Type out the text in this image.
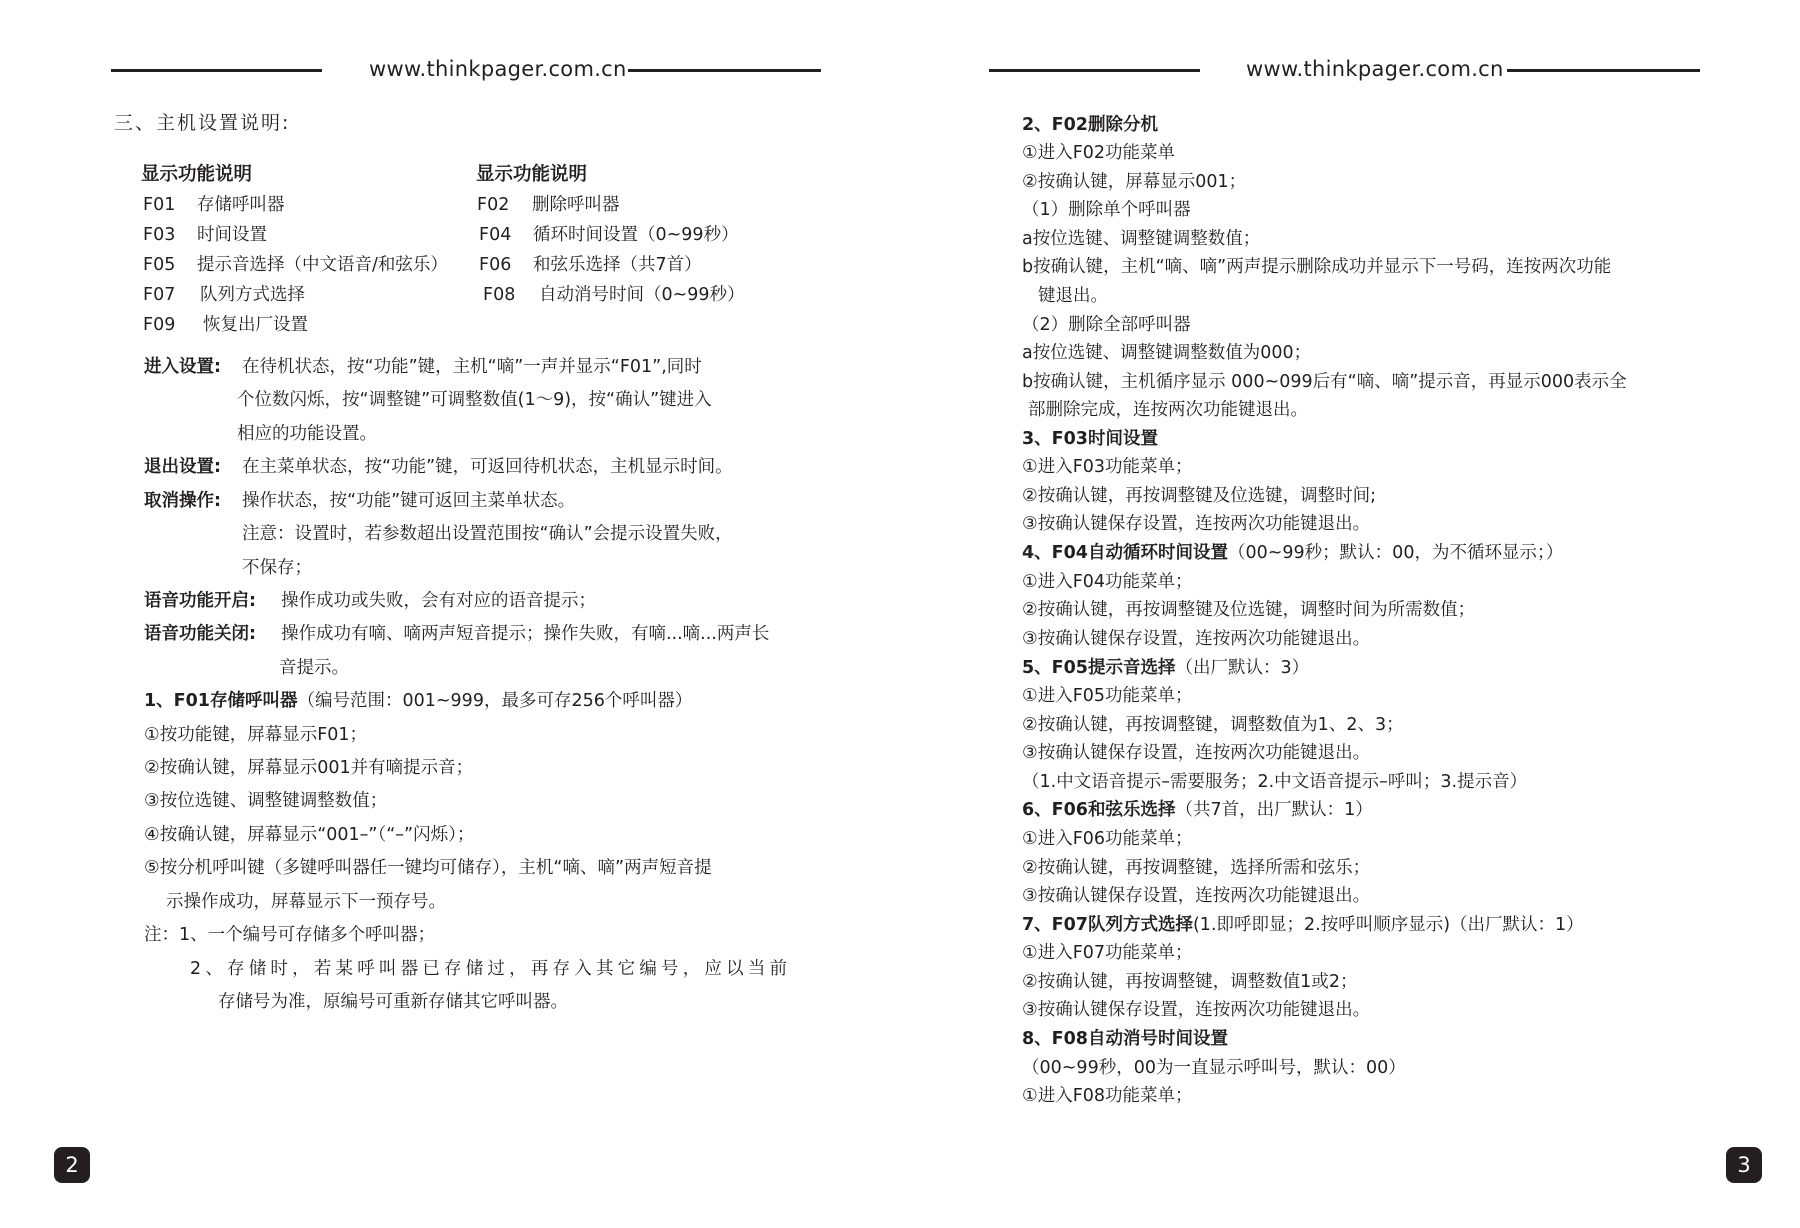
www.thinkpager.com.cn
三、主机设置说明:
显示功能说明	显示功能说明
F01 存储呼叫器	F02 删除呼叫器
F03 时间设置	F04 循环时间设置（0~99秒）
F05 提示音选择（中文语音/和弦乐） F06 和弦乐选择（共7首）
F07 队列方式选择	F08 自动消号时间（0~99秒）
F09 恢复出厂设置
进入设置: 在待机状态，按“功能”键，主机“嘀”一声并显示“F01”,同时
个位数闪烁，按“调整键”可调整数值(1～9)，按“确认”键进入
相应的功能设置。
退出设置: 在主菜单状态，按“功能”键，可返回待机状态，主机显示时间。
取消操作: 操作状态，按“功能”键可返回主菜单状态。
注意：设置时，若参数超出设置范围按“确认”会提示设置失败，
不保存；
语音功能开启: 操作成功或失败，会有对应的语音提示；
语音功能关闭: 操作成功有嘀、嘀两声短音提示；操作失败，有嘀...嘀...两声长
音提示。
1、F01存储呼叫器（编号范围：001~999，最多可存256个呼叫器）
①按功能键，屏幕显示F01；
②按确认键，屏幕显示001并有嘀提示音；
③按位选键、调整键调整数值；
④按确认键，屏幕显示“001–”（“–”闪烁）；
⑤按分机呼叫键（多键呼叫器任一键均可储存），主机“嘀、嘀”两声短音提
示操作成功，屏幕显示下一预存号。
注：1、一个编号可存储多个呼叫器；
2、存储时，若某呼叫器已存储过，再存入其它编号，应以当前
存储号为准，原编号可重新存储其它呼叫器。
2
www.thinkpager.com.cn
2、F02删除分机
①进入F02功能菜单
②按确认键，屏幕显示001；
（1）删除单个呼叫器
a按位选键、调整键调整数值；
b按确认键，主机“嘀、嘀”两声提示删除成功并显示下一号码，连按两次功能
键退出。
（2）删除全部呼叫器
a按位选键、调整键调整数值为000；
b按确认键，主机循序显示 000~099后有“嘀、嘀”提示音，再显示000表示全
部删除完成，连按两次功能键退出。
3、F03时间设置
①进入F03功能菜单；
②按确认键，再按调整键及位选键，调整时间;
③按确认键保存设置，连按两次功能键退出。
4、F04自动循环时间设置（00~99秒；默认：00，为不循环显示；）
①进入F04功能菜单；
②按确认键，再按调整键及位选键，调整时间为所需数值；
③按确认键保存设置，连按两次功能键退出。
5、F05提示音选择（出厂默认：3）
①进入F05功能菜单；
②按确认键，再按调整键，调整数值为1、2、3；
③按确认键保存设置，连按两次功能键退出。
（1.中文语音提示–需要服务；2.中文语音提示–呼叫；3.提示音）
6、F06和弦乐选择（共7首，出厂默认：1）
①进入F06功能菜单；
②按确认键，再按调整键，选择所需和弦乐；
③按确认键保存设置，连按两次功能键退出。
7、F07队列方式选择(1.即呼即显；2.按呼叫顺序显示)（出厂默认：1）
①进入F07功能菜单；
②按确认键，再按调整键，调整数值1或2；
③按确认键保存设置，连按两次功能键退出。
8、F08自动消号时间设置
（00~99秒，00为一直显示呼叫号，默认：00）
①进入F08功能菜单；
3
